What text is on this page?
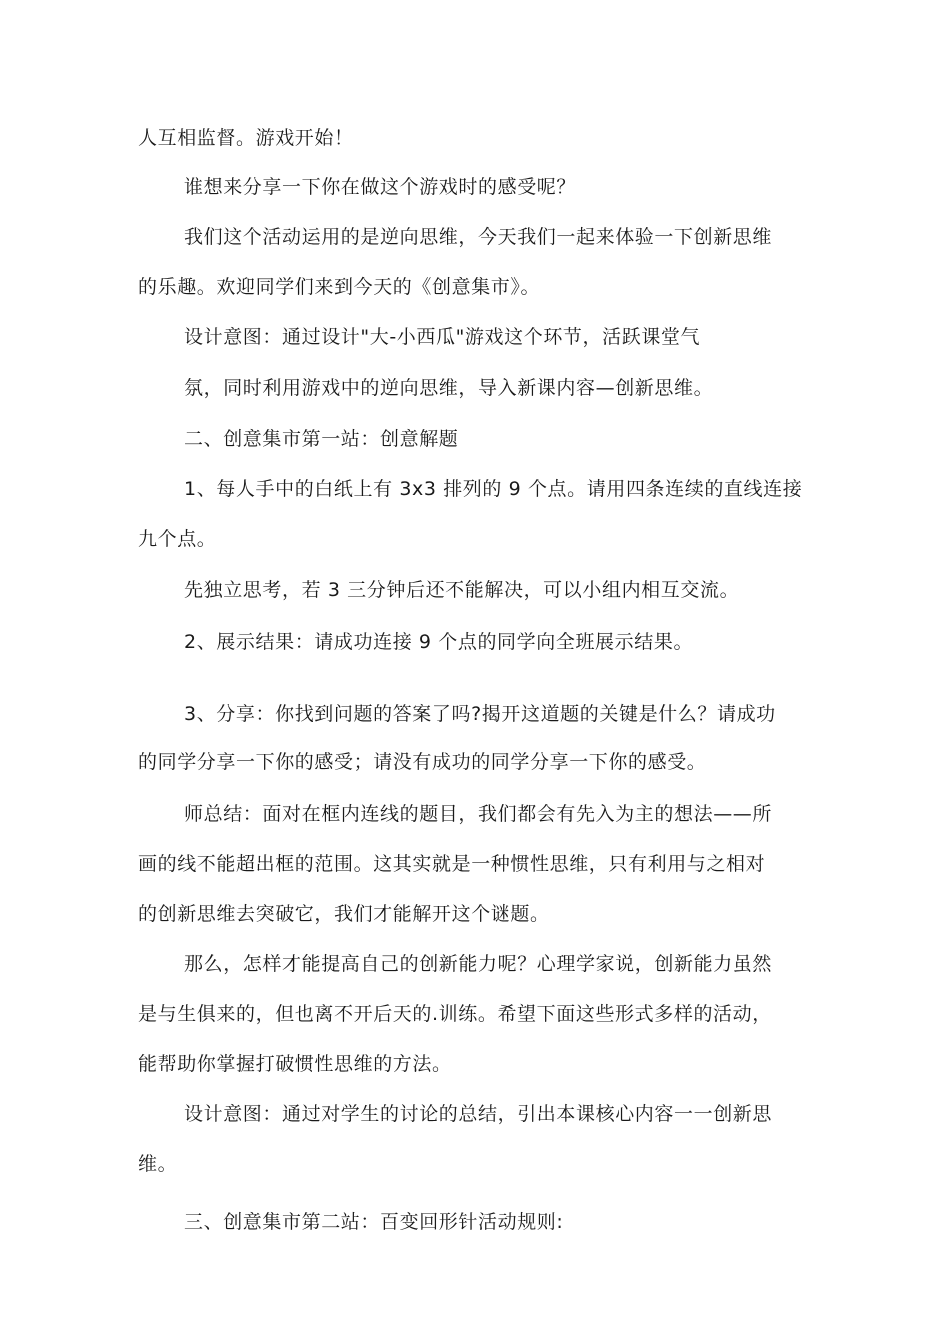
人互相监督。游戏开始！
谁想来分享一下你在做这个游戏时的感受呢？
我们这个活动运用的是逆向思维，今天我们一起来体验一下创新思维
的乐趣。欢迎同学们来到今天的《创意集市》。
设计意图：通过设计"大-小西瓜"游戏这个环节，活跃课堂气
氛，同时利用游戏中的逆向思维，导入新课内容—创新思维。
二、创意集市第一站：创意解题
1、每人手中的白纸上有 3x3 排列的 9 个点。请用四条连续的直线连接
九个点。
先独立思考，若 3 三分钟后还不能解决，可以小组内相互交流。
2、展示结果：请成功连接 9 个点的同学向全班展示结果。
3、分享：你找到问题的答案了吗?揭开这道题的关键是什么？请成功
的同学分享一下你的感受；请没有成功的同学分享一下你的感受。
师总结：面对在框内连线的题目，我们都会有先入为主的想法——所
画的线不能超出框的范围。这其实就是一种惯性思维，只有利用与之相对
的创新思维去突破它，我们才能解开这个谜题。
那么，怎样才能提高自己的创新能力呢？心理学家说，创新能力虽然
是与生俱来的，但也离不开后天的.训练。希望下面这些形式多样的活动，
能帮助你掌握打破惯性思维的方法。
设计意图：通过对学生的讨论的总结，引出本课核心内容一一创新思
维。
三、创意集市第二站：百变回形针活动规则:
